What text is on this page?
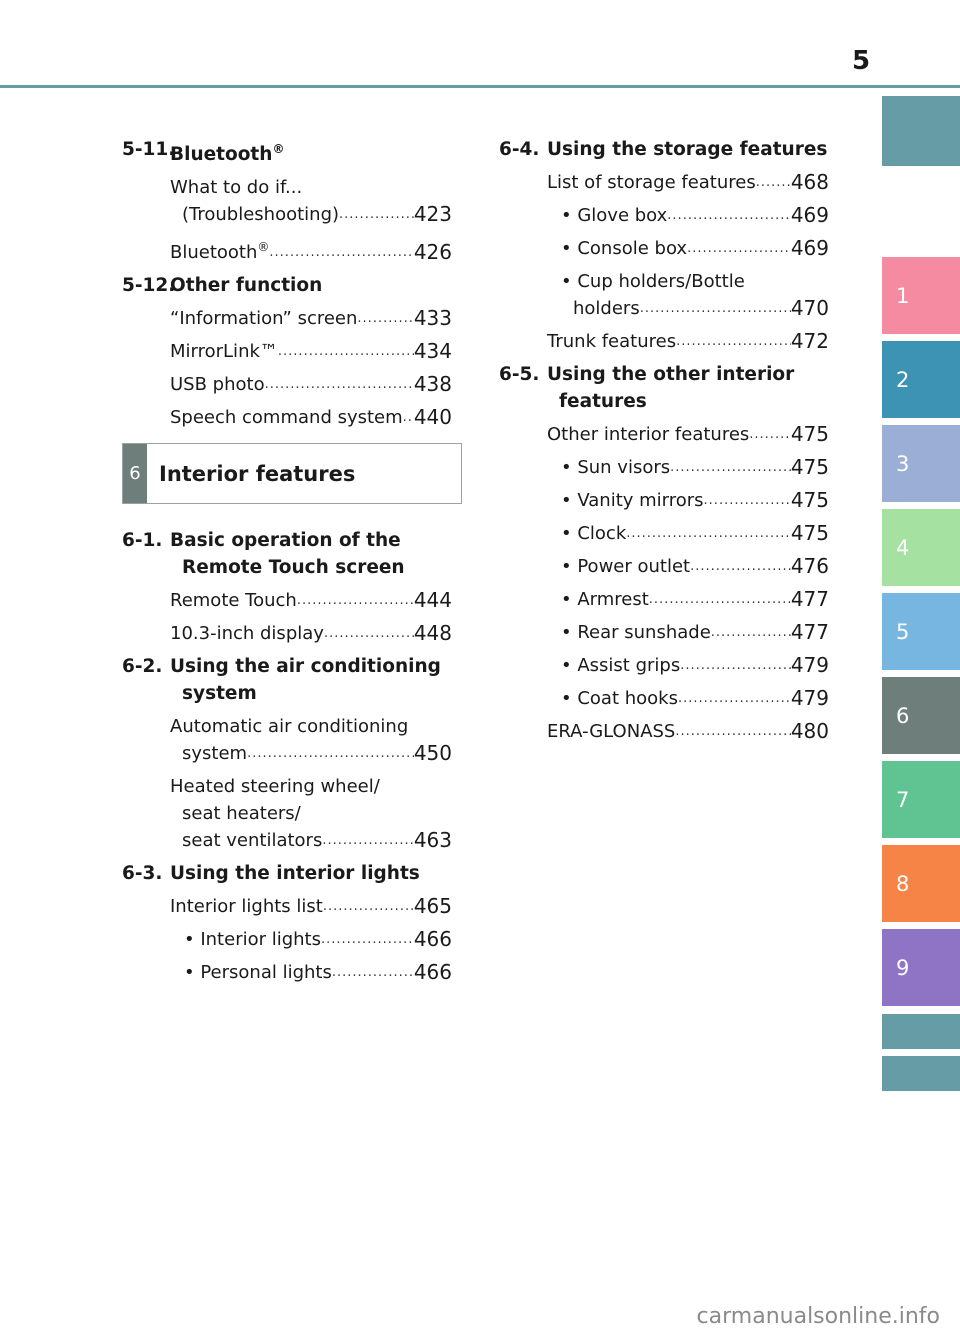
5
1
2
3
4
5
6
7
8
9
5-11.
Bluetooth®
What to do if...
(Troubleshooting) .....	423
Bluetooth® .....	426
5-12.
Other function
“Information” screen .....	433
MirrorLink™ .....	434
USB photo .....	438
Speech command system ..... 440
6 Interior features
6-1. Basic operation of the
Remote Touch screen
Remote Touch .....	444
10.3-inch display .....	448
6-2. Using the air conditioning
system
Automatic air conditioning
system .....	450
Heated steering wheel/
seat heaters/
seat ventilators .....	463
6-3. Using the interior lights
Interior lights list .....	465
• Interior lights .....	466
• Personal lights .....	466
6-4. Using the storage features
List of storage features ..... 468
• Glove box .....	469
• Console box .....	469
• Cup holders/Bottle
holders .....	470
Trunk features .....	472
6-5. Using the other interior
features
Other interior features ..... 475
• Sun visors .....	475
• Vanity mirrors .....	475
• Clock .....	475
• Power outlet .....	476
• Armrest .....	477
• Rear sunshade .....	477
• Assist grips .....	479
• Coat hooks .....	479
ERA-GLONASS .....	480
carmanualsonline.info
